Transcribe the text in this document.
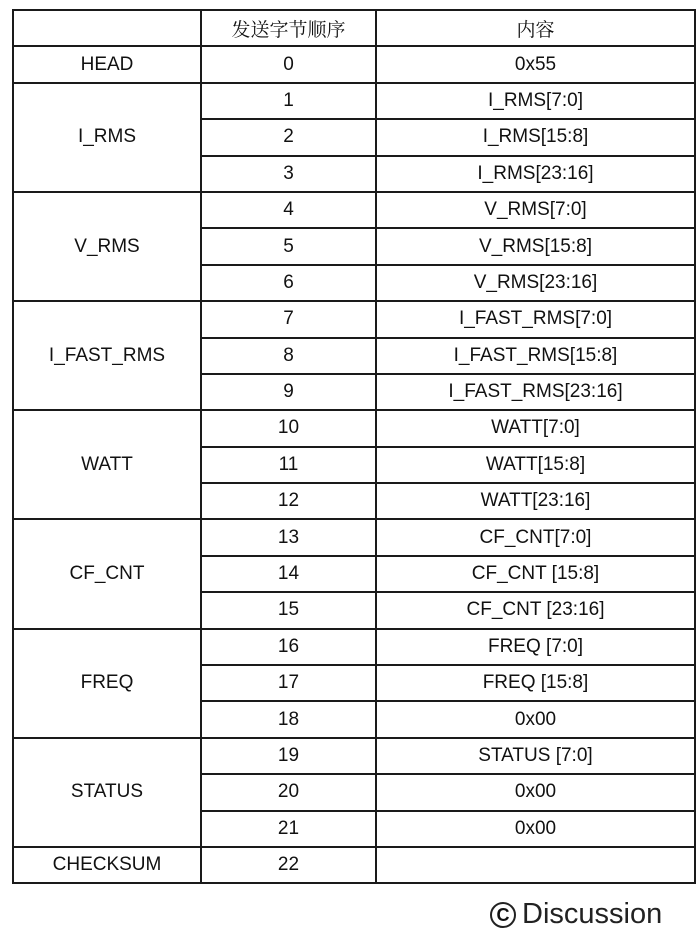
	发送字节顺序	内容
HEAD	0	0x55
I_RMS	1	I_RMS[7:0]
	2	I_RMS[15:8]
	3	I_RMS[23:16]
V_RMS	4	V_RMS[7:0]
	5	V_RMS[15:8]
	6	V_RMS[23:16]
I_FAST_RMS	7	I_FAST_RMS[7:0]
	8	I_FAST_RMS[15:8]
	9	I_FAST_RMS[23:16]
WATT	10	WATT[7:0]
	11	WATT[15:8]
	12	WATT[23:16]
CF_CNT	13	CF_CNT[7:0]
	14	CF_CNT [15:8]
	15	CF_CNT [23:16]
FREQ	16	FREQ [7:0]
	17	FREQ [15:8]
	18	0x00
STATUS	19	STATUS [7:0]
	20	0x00
	21	0x00
CHECKSUM	22	
C Discussion
